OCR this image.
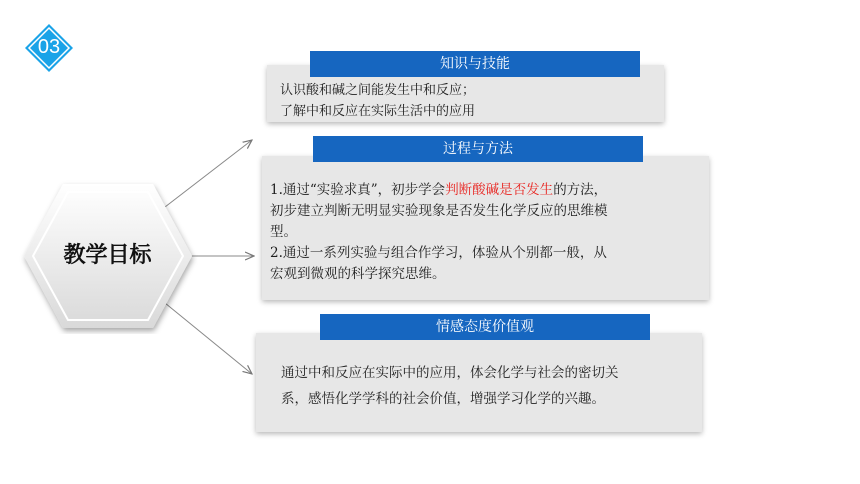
03
教学目标
知识与技能

认识酸和碱之间能发生中和反应；

了解中和反应在实际生活中的应用

过程与方法

1.通过“实验求真”，初步学会判断酸碱是否发生的方法，

初步建立判断无明显实验现象是否发生化学反应的思维模

型。

2.通过一系列实验与组合作学习，体验从个别都一般，从

宏观到微观的科学探究思维。

情感态度价值观

通过中和反应在实际中的应用，体会化学与社会的密切关

系，感悟化学学科的社会价值，增强学习化学的兴趣。
